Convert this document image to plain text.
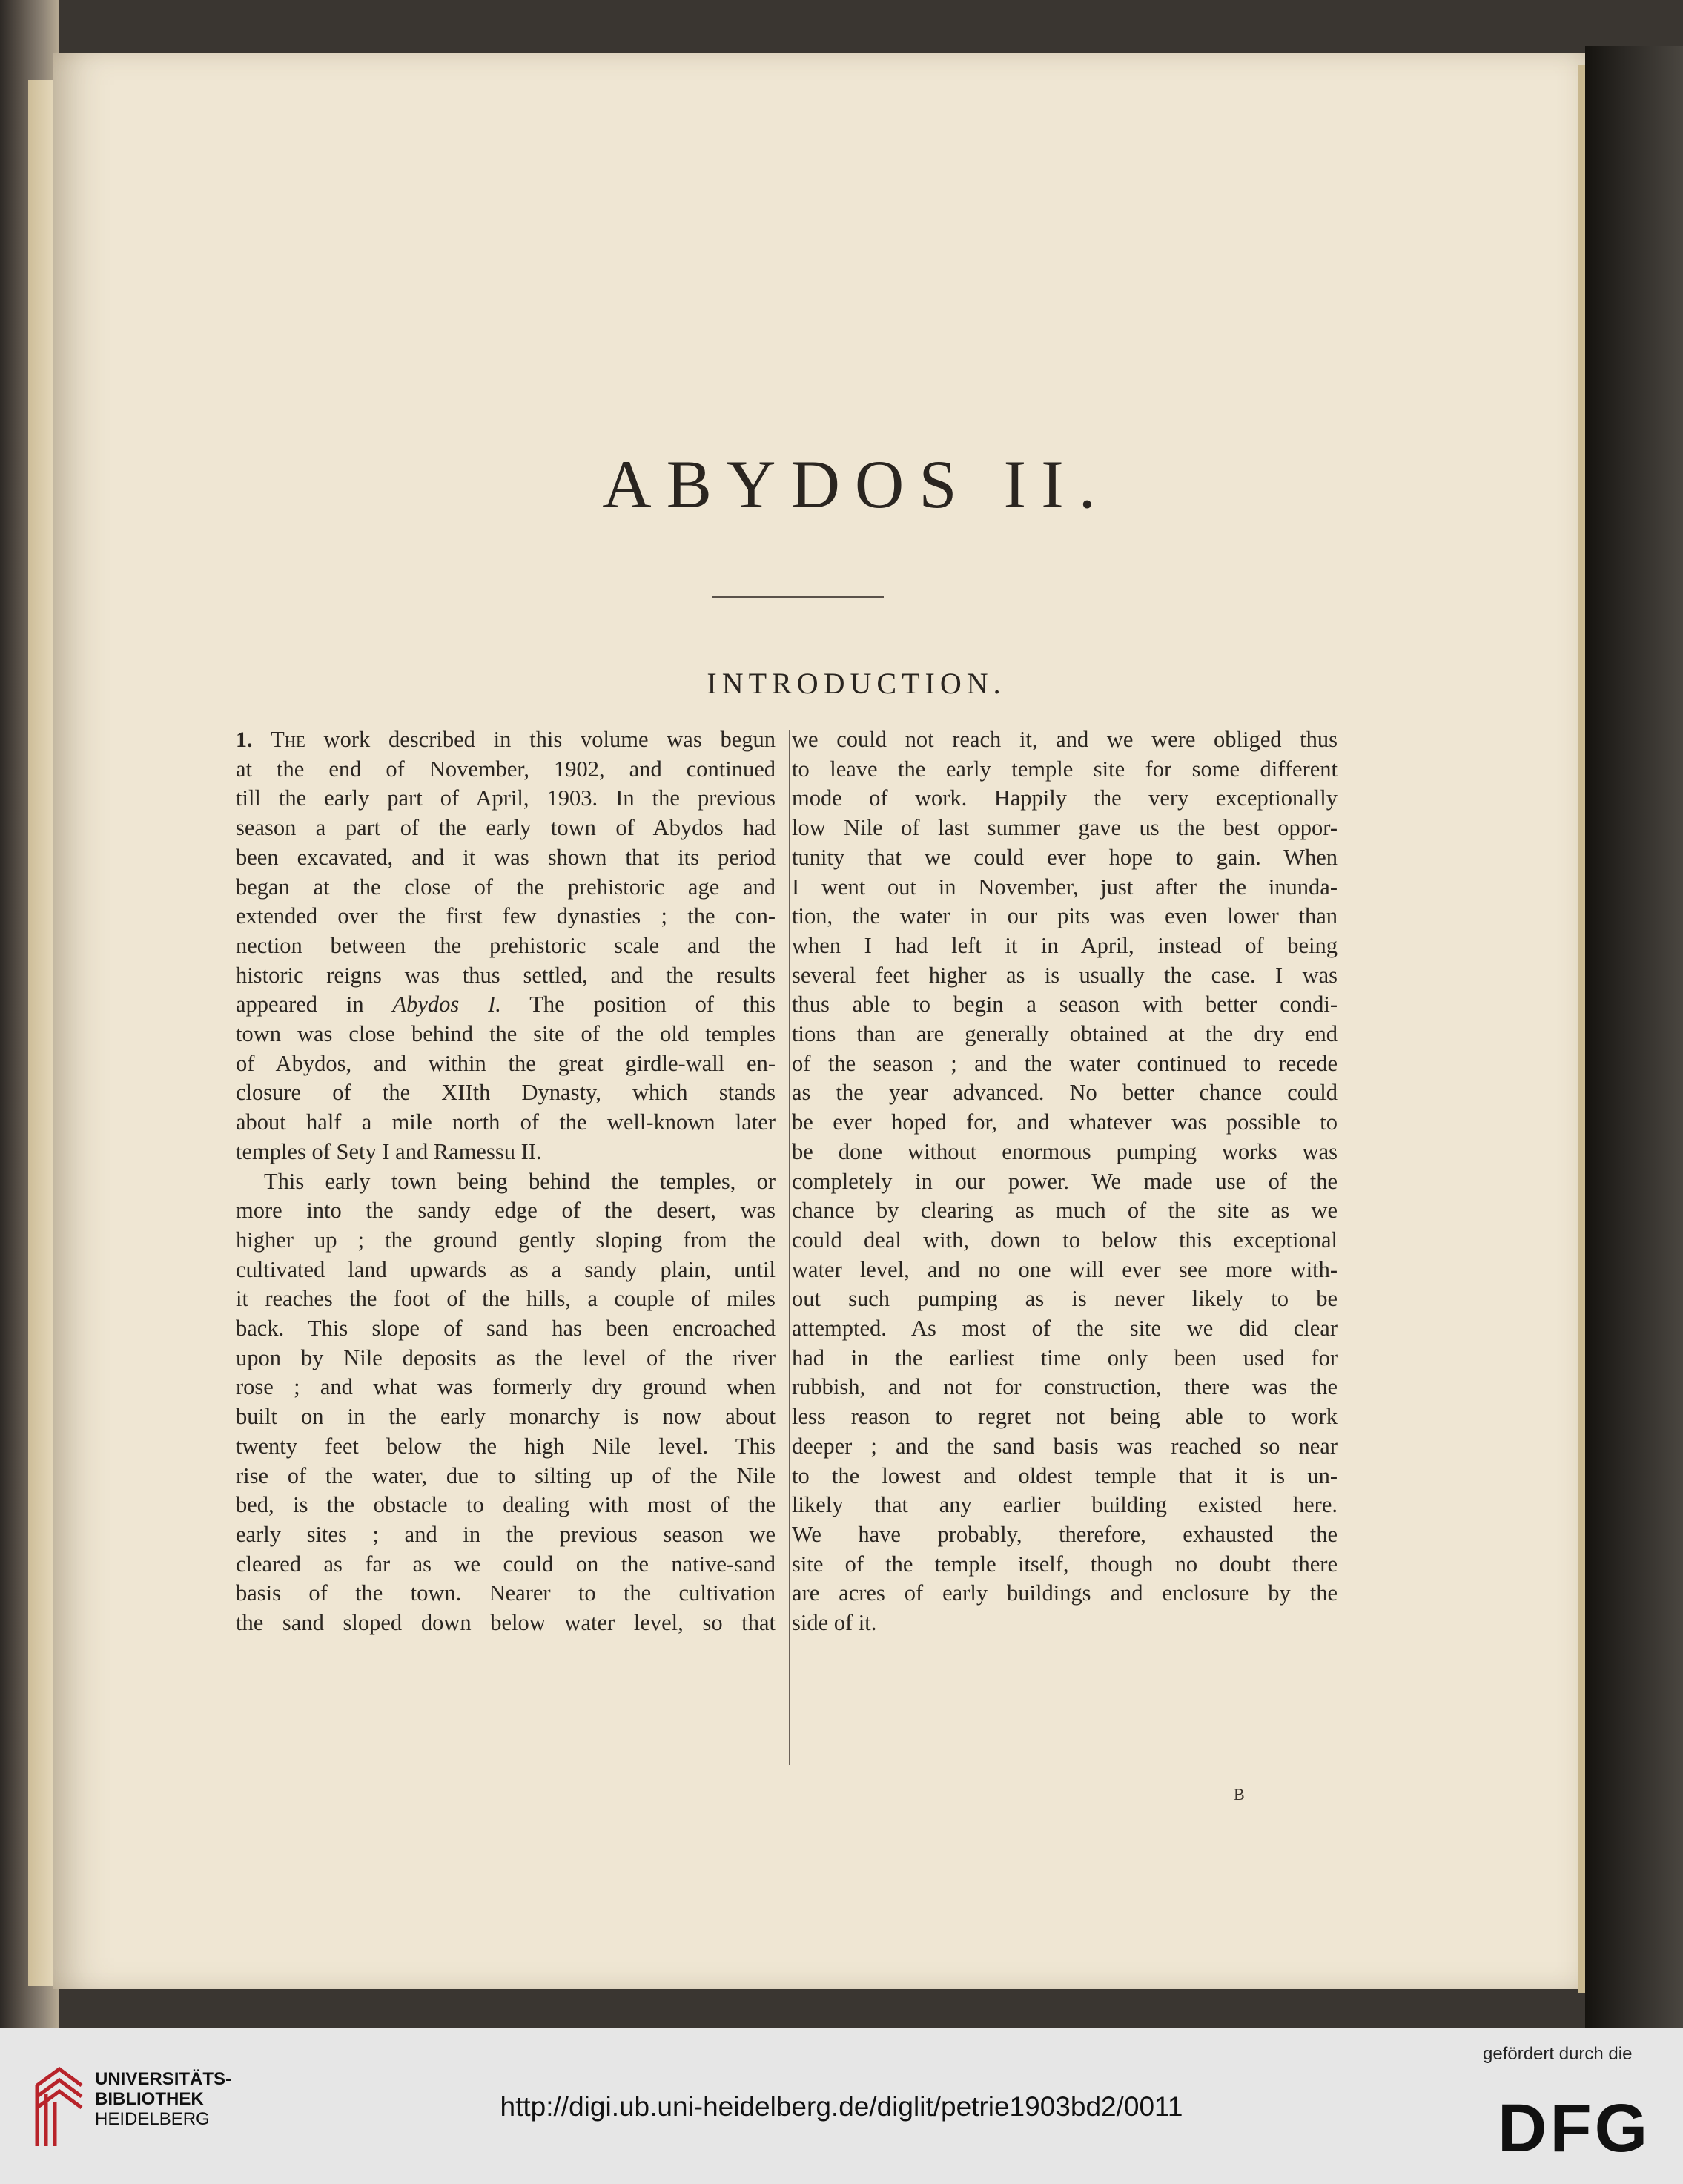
ABYDOS II.
INTRODUCTION.
1. The work described in this volume was begun
at the end of November, 1902, and continued
till the early part of April, 1903. In the previous
season a part of the early town of Abydos had
been excavated, and it was shown that its period
began at the close of the prehistoric age and
extended over the first few dynasties ; the con-
nection between the prehistoric scale and the
historic reigns was thus settled, and the results
appeared in Abydos I. The position of this
town was close behind the site of the old temples
of Abydos, and within the great girdle-wall en-
closure of the XIIth Dynasty, which stands
about half a mile north of the well-known later
temples of Sety I and Ramessu II.
This early town being behind the temples, or
more into the sandy edge of the desert, was
higher up ; the ground gently sloping from the
cultivated land upwards as a sandy plain, until
it reaches the foot of the hills, a couple of miles
back. This slope of sand has been encroached
upon by Nile deposits as the level of the river
rose ; and what was formerly dry ground when
built on in the early monarchy is now about
twenty feet below the high Nile level. This
rise of the water, due to silting up of the Nile
bed, is the obstacle to dealing with most of the
early sites ; and in the previous season we
cleared as far as we could on the native-sand
basis of the town. Nearer to the cultivation
the sand sloped down below water level, so that
we could not reach it, and we were obliged thus
to leave the early temple site for some different
mode of work. Happily the very exceptionally
low Nile of last summer gave us the best oppor-
tunity that we could ever hope to gain. When
I went out in November, just after the inunda-
tion, the water in our pits was even lower than
when I had left it in April, instead of being
several feet higher as is usually the case. I was
thus able to begin a season with better condi-
tions than are generally obtained at the dry end
of the season ; and the water continued to recede
as the year advanced. No better chance could
be ever hoped for, and whatever was possible to
be done without enormous pumping works was
completely in our power. We made use of the
chance by clearing as much of the site as we
could deal with, down to below this exceptional
water level, and no one will ever see more with-
out such pumping as is never likely to be
attempted. As most of the site we did clear
had in the earliest time only been used for
rubbish, and not for construction, there was the
less reason to regret not being able to work
deeper ; and the sand basis was reached so near
to the lowest and oldest temple that it is un-
likely that any earlier building existed here.
We have probably, therefore, exhausted the
site of the temple itself, though no doubt there
are acres of early buildings and enclosure by the
side of it.
B
UNIVERSITÄTS-
BIBLIOTHEK
HEIDELBERG	http://digi.ub.uni-heidelberg.de/diglit/petrie1903bd2/0011
gefördert durch die
DFG
